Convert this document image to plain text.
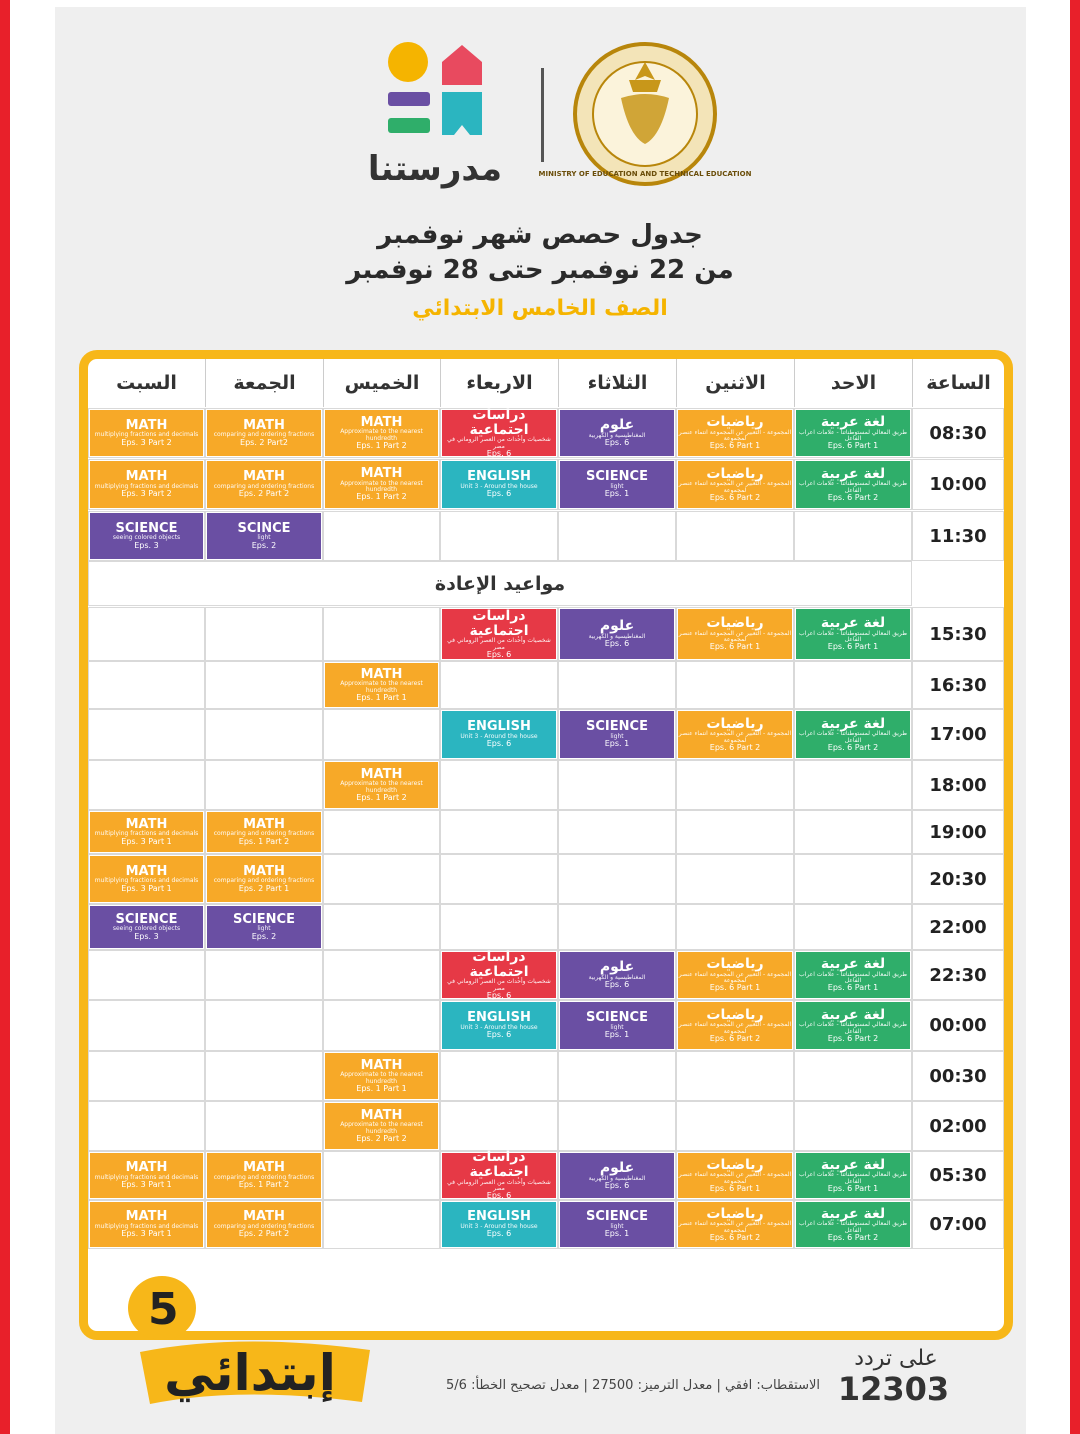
مدرستنا	MINISTRY OF EDUCATION AND TECHNICAL EDUCATION
جدول حصص شهر نوفمبر
من 22 نوفمبر حتى 28 نوفمبر
الصف الخامس الابتدائي
الساعة
الاحد
الاثنين
الثلاثاء
الاربعاء
الخميس
الجمعة
السبت
08:30
10:00
11:30
15:30
16:30
17:00
18:00
19:00
20:30
22:00
22:30
00:00
00:30
02:00
05:30
07:00
MATH
multiplying fractions and decimals
Eps. 3 Part 2
MATH
comparing and ordering fractions
Eps. 2 Part2
MATH
Approximate to the nearest hundredth
Eps. 1 Part 2
دراسات اجتماعية
شخصيات وأحداث من العصر الروماني في مصر
Eps. 6
علوم
المغناطيسية و الكهربية
Eps. 6
رياضيات
المجموعة - التعبير عن المجموعة انتماء عنصر لمجموعة
Eps. 6 Part 1
لغة عربية
طريق المعالي لمستوطناتنا - علامات اعراب الفاعل
Eps. 6 Part 1
MATH
multiplying fractions and decimals
Eps. 3 Part 2
MATH
comparing and ordering fractions
Eps. 2 Part 2
MATH
Approximate to the nearest hundredth
Eps. 1 Part 2
ENGLISH
Unit 3 - Around the house
Eps. 6
SCIENCE
light
Eps. 1
رياضيات
المجموعة - التعبير عن المجموعة انتماء عنصر لمجموعة
Eps. 6 Part 2
لغة عربية
طريق المعالي لمستوطناتنا - علامات اعراب الفاعل
Eps. 6 Part 2
SCIENCE
seeing colored objects
Eps. 3
SCINCE
light
Eps. 2
دراسات اجتماعية
شخصيات وأحداث من العصر الروماني في مصر
Eps. 6
علوم
المغناطيسية و الكهربية
Eps. 6
رياضيات
المجموعة - التعبير عن المجموعة انتماء عنصر لمجموعة
Eps. 6 Part 1
لغة عربية
طريق المعالي لمستوطناتنا - علامات اعراب الفاعل
Eps. 6 Part 1
MATH
Approximate to the nearest hundredth
Eps. 1 Part 1
ENGLISH
Unit 3 - Around the house
Eps. 6
SCIENCE
light
Eps. 1
رياضيات
المجموعة - التعبير عن المجموعة انتماء عنصر لمجموعة
Eps. 6 Part 2
لغة عربية
طريق المعالي لمستوطناتنا - علامات اعراب الفاعل
Eps. 6 Part 2
MATH
Approximate to the nearest hundredth
Eps. 1 Part 2
MATH
multiplying fractions and decimals
Eps. 3 Part 1
MATH
comparing and ordering fractions
Eps. 1 Part 2
MATH
multiplying fractions and decimals
Eps. 3 Part 1
MATH
comparing and ordering fractions
Eps. 2 Part 1
SCIENCE
seeing colored objects
Eps. 3
SCIENCE
light
Eps. 2
دراسات اجتماعية
شخصيات وأحداث من العصر الروماني في مصر
Eps. 6
علوم
المغناطيسية و الكهربية
Eps. 6
رياضيات
المجموعة - التعبير عن المجموعة انتماء عنصر لمجموعة
Eps. 6 Part 1
لغة عربية
طريق المعالي لمستوطناتنا - علامات اعراب الفاعل
Eps. 6 Part 1
ENGLISH
Unit 3 - Around the house
Eps. 6
SCIENCE
light
Eps. 1
رياضيات
المجموعة - التعبير عن المجموعة انتماء عنصر لمجموعة
Eps. 6 Part 2
لغة عربية
طريق المعالي لمستوطناتنا - علامات اعراب الفاعل
Eps. 6 Part 2
MATH
Approximate to the nearest hundredth
Eps. 1 Part 1
MATH
Approximate to the nearest hundredth
Eps. 2 Part 2
MATH
multiplying fractions and decimals
Eps. 3 Part 1
MATH
comparing and ordering fractions
Eps. 1 Part 2
دراسات اجتماعية
شخصيات وأحداث من العصر الروماني في مصر
Eps. 6
علوم
المغناطيسية و الكهربية
Eps. 6
رياضيات
المجموعة - التعبير عن المجموعة انتماء عنصر لمجموعة
Eps. 6 Part 1
لغة عربية
طريق المعالي لمستوطناتنا - علامات اعراب الفاعل
Eps. 6 Part 1
MATH
multiplying fractions and decimals
Eps. 3 Part 1
MATH
comparing and ordering fractions
Eps. 2 Part 2
ENGLISH
Unit 3 - Around the house
Eps. 6
SCIENCE
light
Eps. 1
رياضيات
المجموعة - التعبير عن المجموعة انتماء عنصر لمجموعة
Eps. 6 Part 2
لغة عربية
طريق المعالي لمستوطناتنا - علامات اعراب الفاعل
Eps. 6 Part 2
مواعيد الإعادة
5
إبتدائي	الاستقطاب: افقي | معدل الترميز: 27500 | معدل تصحيح الخطأ: 5/6
على تردد
12303
